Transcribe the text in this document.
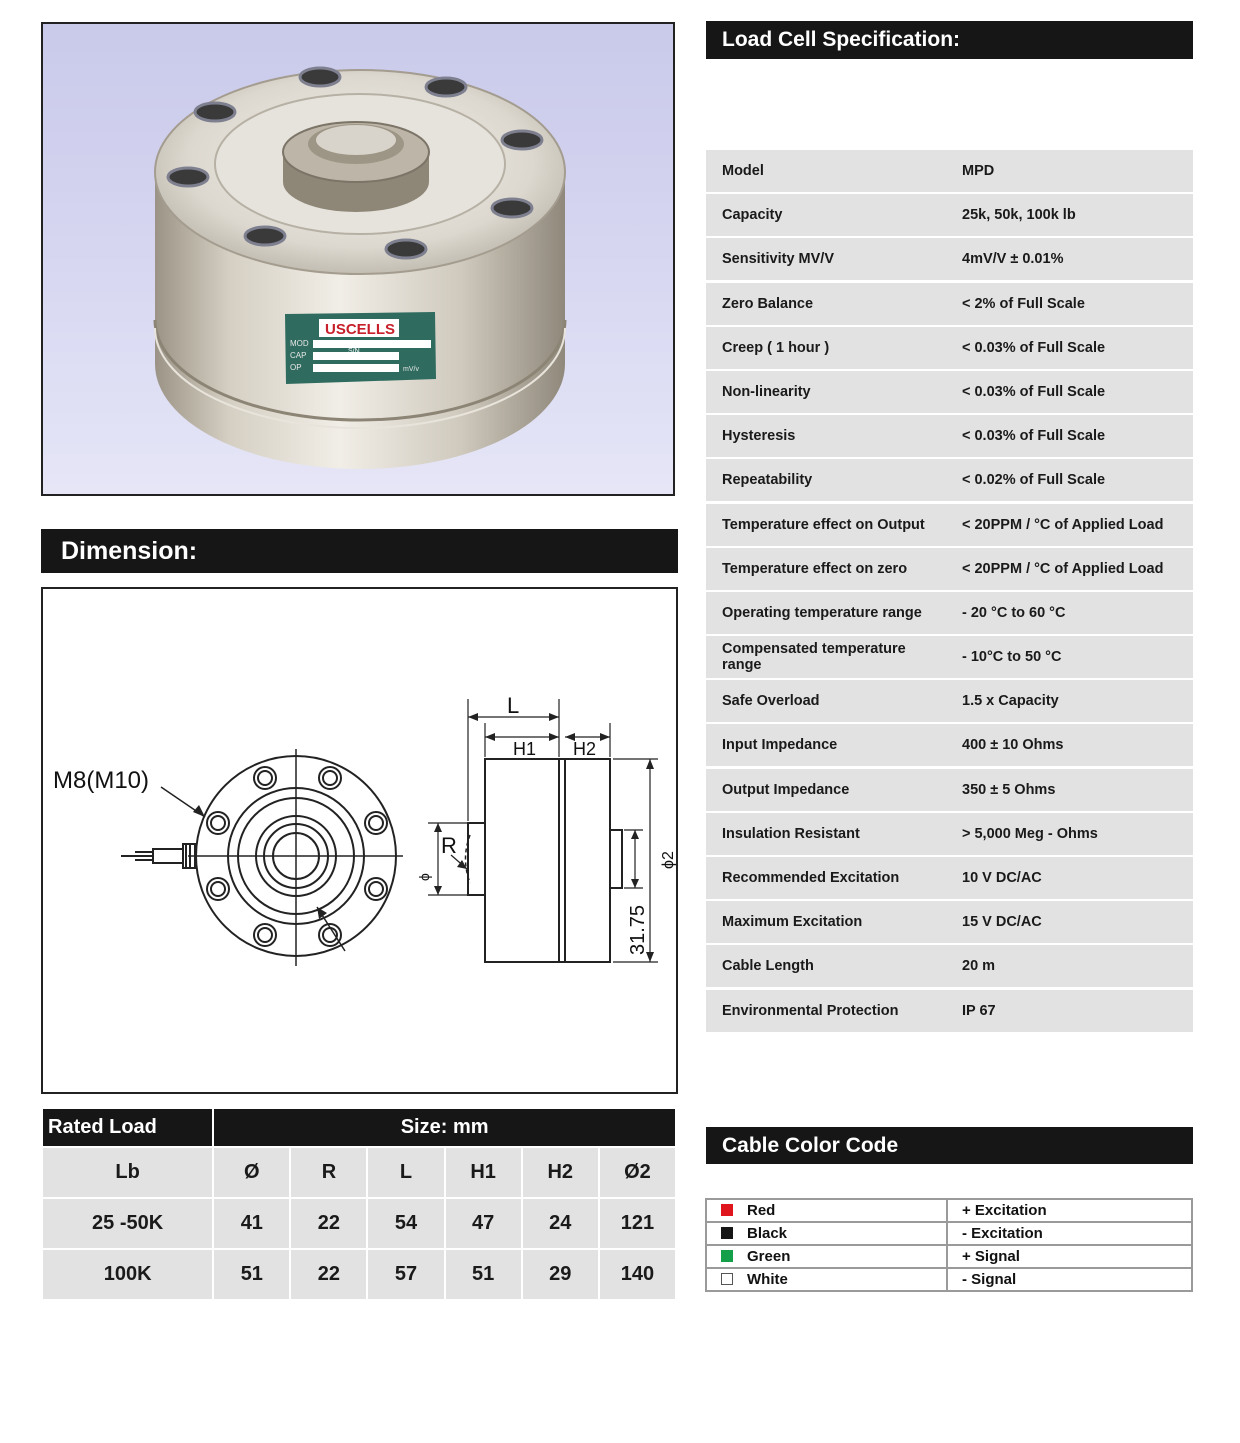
USCELLS
MOD
CAP
OP
S/N
mV/v
Load Cell Specification:
Model	MPD
Capacity	25k, 50k, 100k lb
Sensitivity MV/V	4mV/V ± 0.01%
Zero Balance	< 2% of Full Scale
Creep ( 1 hour )	< 0.03% of Full Scale
Non-linearity	< 0.03% of Full Scale
Hysteresis	< 0.03% of Full Scale
Repeatability	< 0.02% of Full Scale
Temperature effect on Output	< 20PPM / °C of Applied Load
Temperature effect on zero	< 20PPM / °C of Applied Load
Operating temperature range	- 20 °C to 60 °C
Compensated temperature range	- 10°C to 50 °C
Safe Overload	1.5 x Capacity
Input Impedance	400 ± 10 Ohms
Output Impedance	350 ± 5 Ohms
Insulation Resistant	> 5,000 Meg - Ohms
Recommended Excitation	10 V DC/AC
Maximum Excitation	15 V DC/AC
Cable Length	20 m
Environmental Protection	IP 67
Dimension:
M8(M10)
L
H1 H2
R
ϕ
ϕ2
31.75
Rated Load	Size: mm					
Lb	Ø	R	L	H1	H2	Ø2
25 -50K	41	22	54	47	24	121
100K	51	22	57	51	29	140
Cable Color Code
Red	+ Excitation
Black	- Excitation
Green	+ Signal
White	- Signal
